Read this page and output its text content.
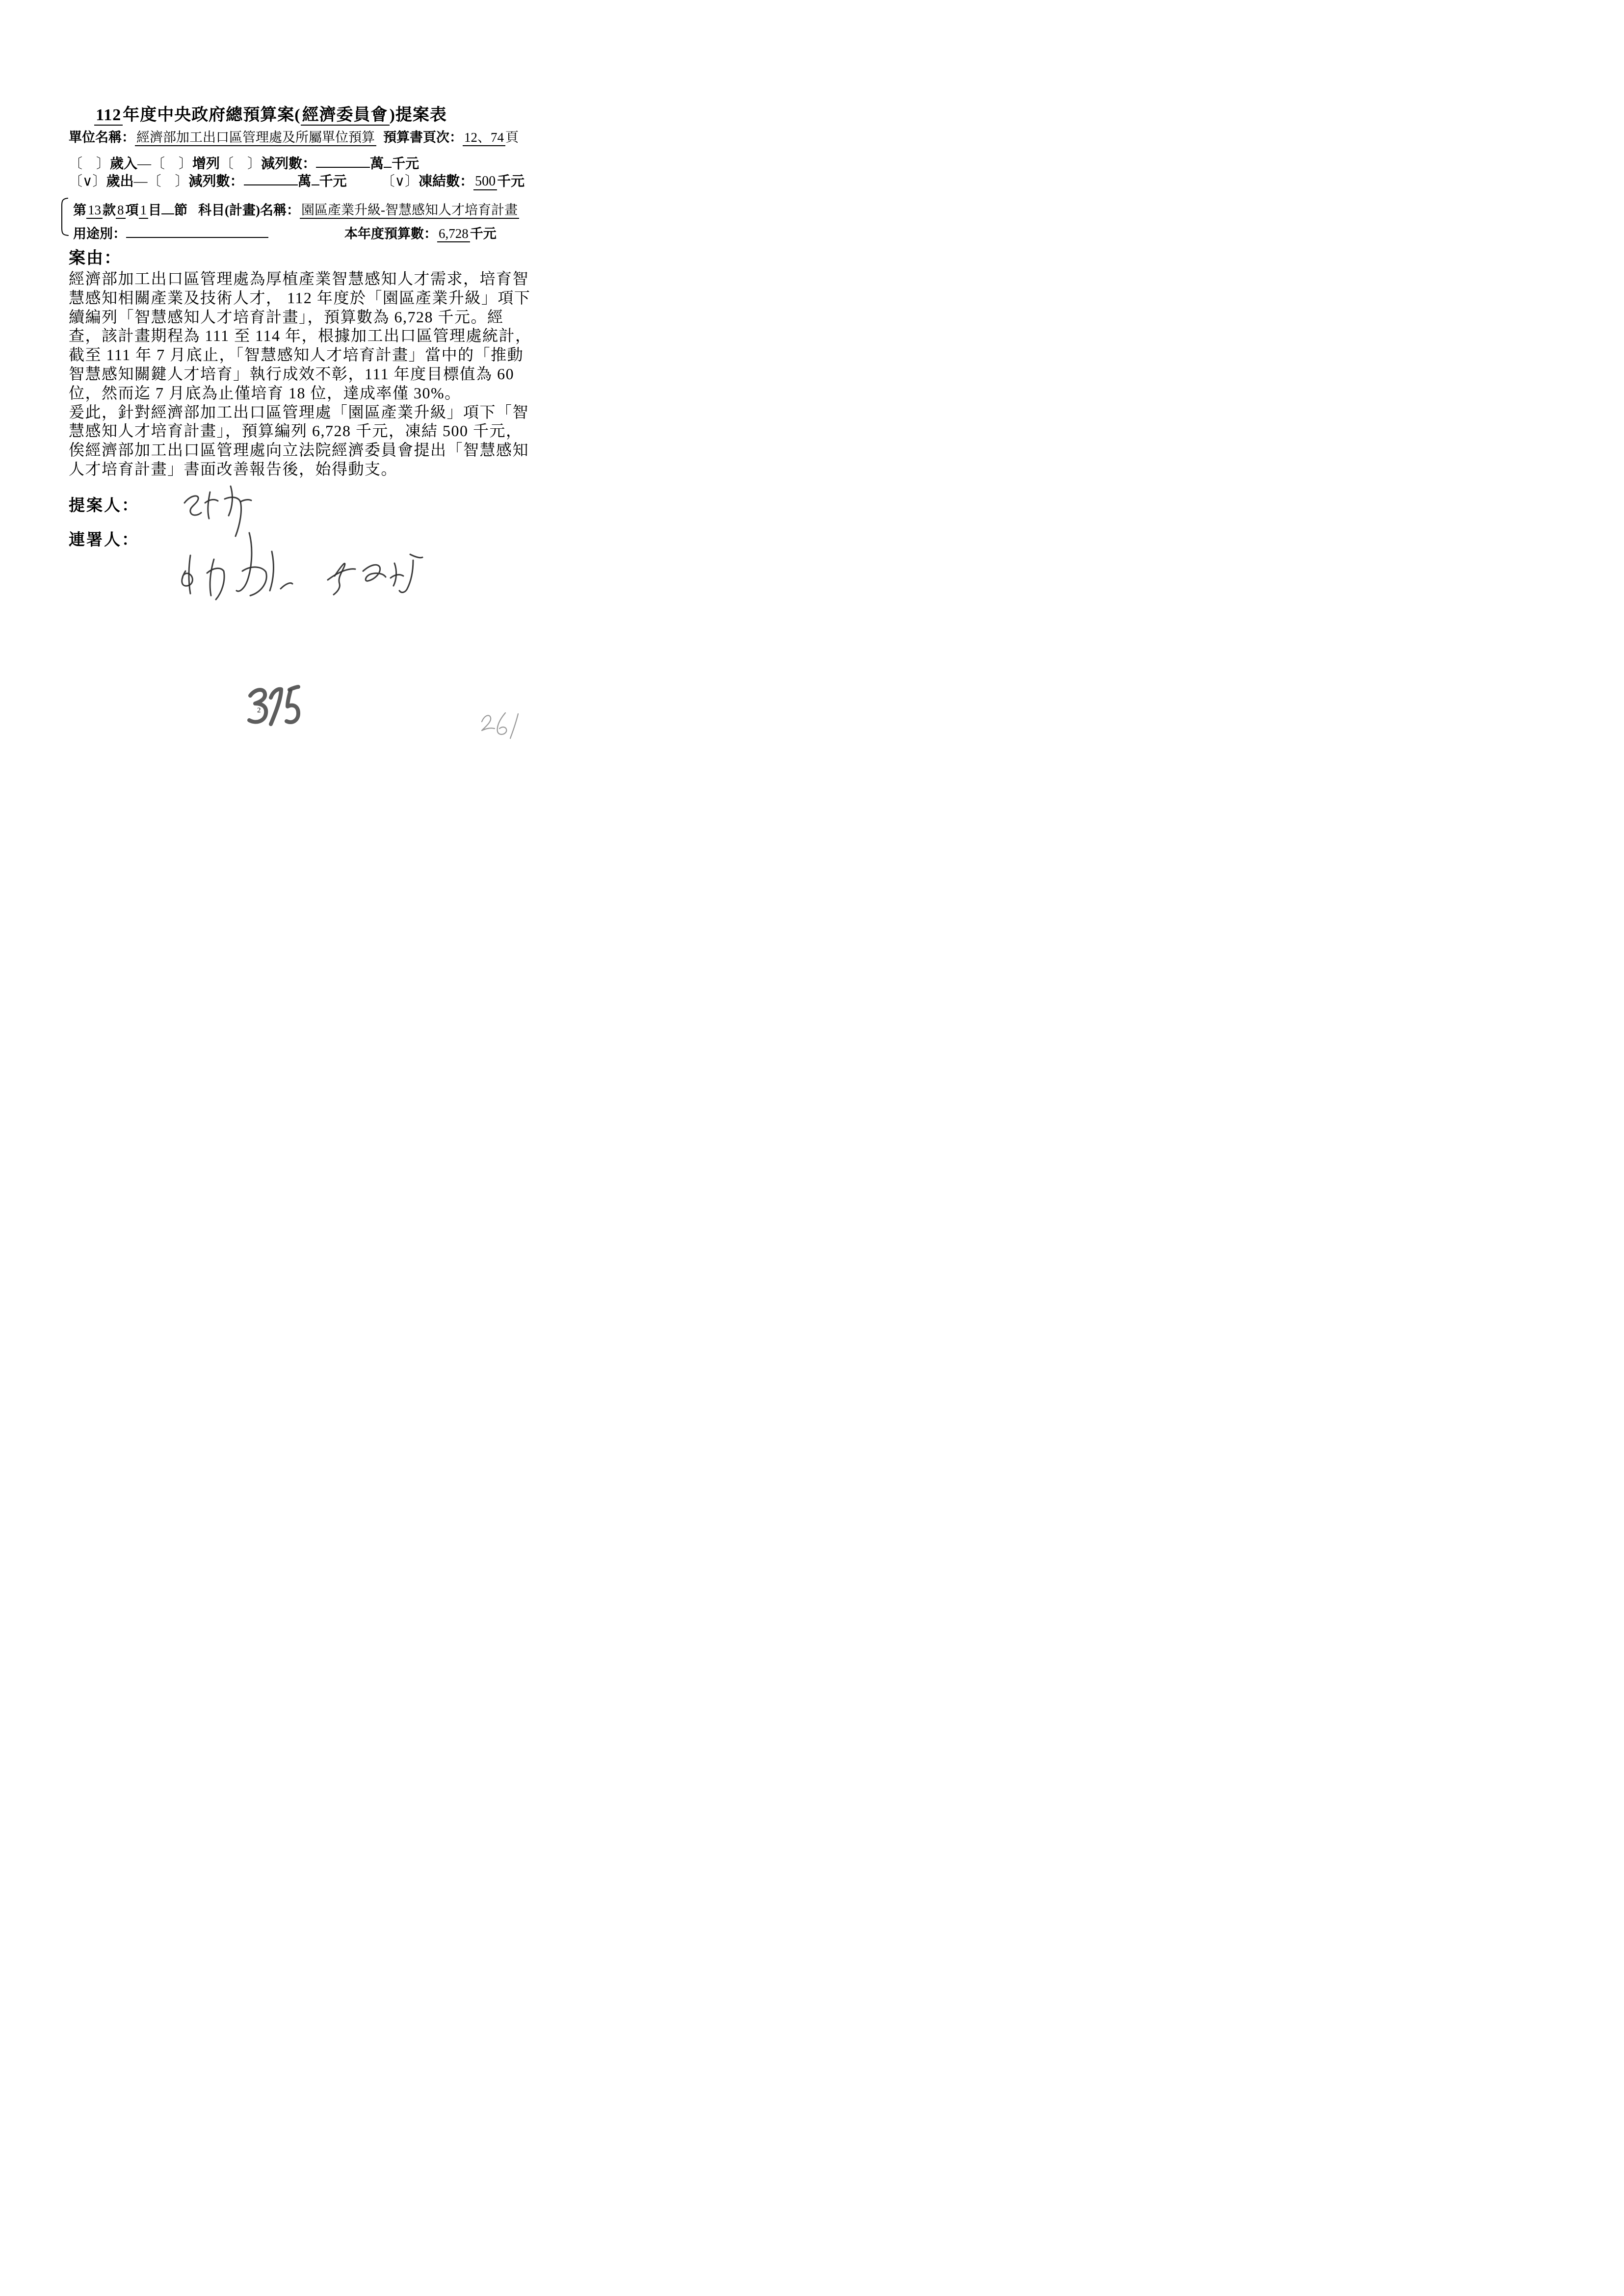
112年度中央政府總預算案(經濟委員會)提案表
單位名稱： 經濟部加工出口區管理處及所屬單位預算 預算書頁次： 12、74 頁
〔　〕歲入—〔　〕增列〔　〕減列數：	萬 千元
〔∨〕歲出—〔　〕減列數：	萬 千元	〔∨〕凍結數： 500 千元
第 13 款 8 項 1 目 節 科目(計畫)名稱： 園區產業升級-智慧感知人才培育計畫
用途別：	本年度預算數： 6,728 千元
案由：
經濟部加工出口區管理處為厚植產業智慧感知人才需求，培育智
慧感知相關產業及技術人才， 112 年度於「園區產業升級」項下
續編列「智慧感知人才培育計畫」，預算數為 6,728 千元。經
查，該計畫期程為 111 至 114 年，根據加工出口區管理處統計，
截至 111 年 7 月底止，「智慧感知人才培育計畫」當中的「推動
智慧感知關鍵人才培育」執行成效不彰，111 年度目標值為 60
位，然而迄 7 月底為止僅培育 18 位，達成率僅 30%。
爰此，針對經濟部加工出口區管理處「園區產業升級」項下「智
慧感知人才培育計畫」，預算編列 6,728 千元，凍結 500 千元，
俟經濟部加工出口區管理處向立法院經濟委員會提出「智慧感知
人才培育計畫」書面改善報告後，始得動支。
提案人：
連署人：
2
